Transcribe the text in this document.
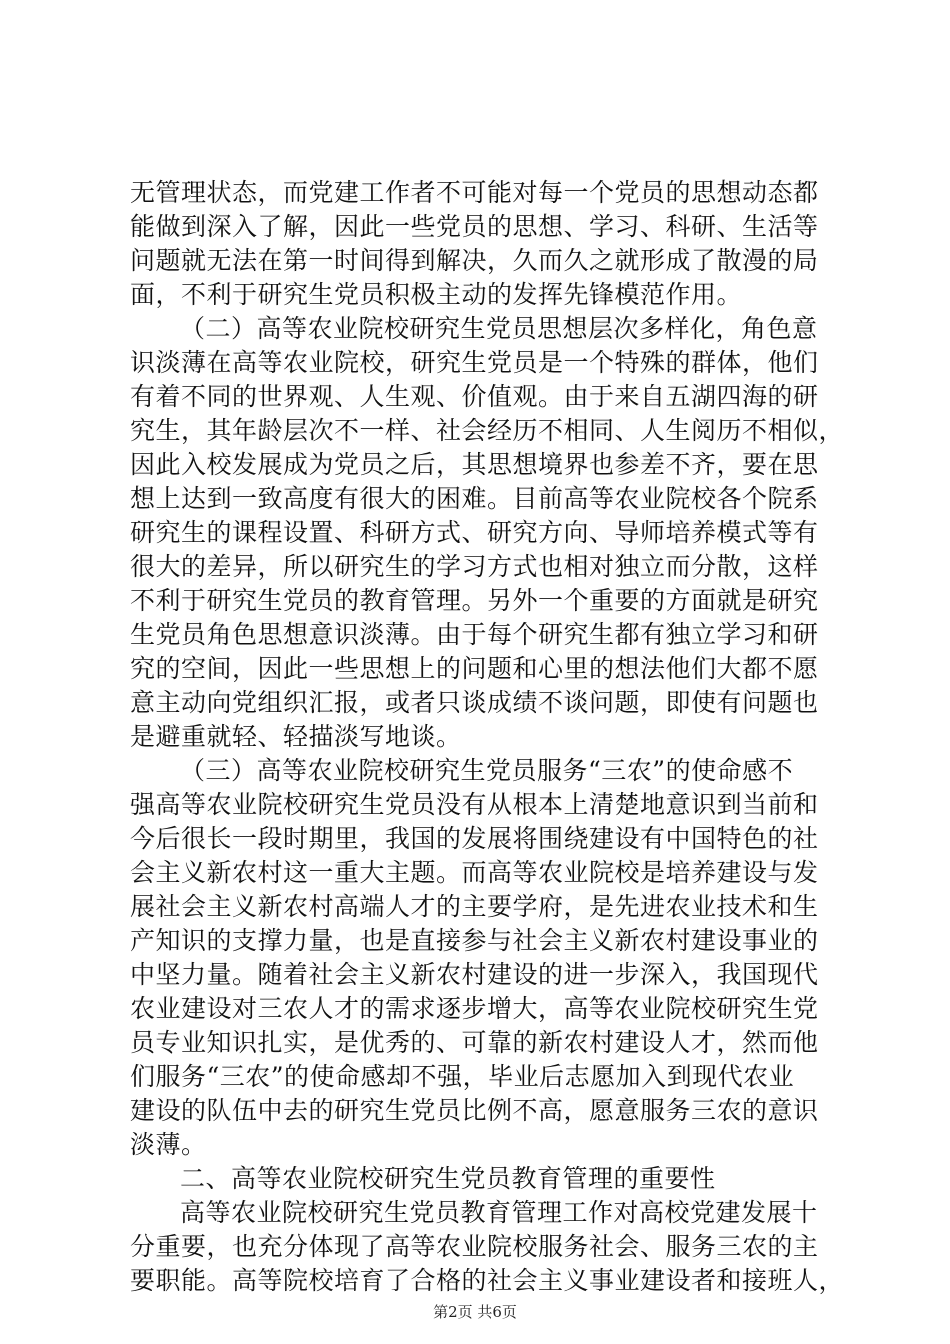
无管理状态，而党建工作者不可能对每一个党员的思想动态都
能做到深入了解，因此一些党员的思想、学习、科研、生活等
问题就无法在第一时间得到解决，久而久之就形成了散漫的局
面，不利于研究生党员积极主动的发挥先锋模范作用。
（二）高等农业院校研究生党员思想层次多样化，角色意
识淡薄在高等农业院校，研究生党员是一个特殊的群体，他们
有着不同的世界观、人生观、价值观。由于来自五湖四海的研
究生，其年龄层次不一样、社会经历不相同、人生阅历不相似，
因此入校发展成为党员之后，其思想境界也参差不齐，要在思
想上达到一致高度有很大的困难。目前高等农业院校各个院系
研究生的课程设置、科研方式、研究方向、导师培养模式等有
很大的差异，所以研究生的学习方式也相对独立而分散，这样
不利于研究生党员的教育管理。另外一个重要的方面就是研究
生党员角色思想意识淡薄。由于每个研究生都有独立学习和研
究的空间，因此一些思想上的问题和心里的想法他们大都不愿
意主动向党组织汇报，或者只谈成绩不谈问题，即使有问题也
是避重就轻、轻描淡写地谈。
（三）高等农业院校研究生党员服务“三农”的使命感不
强高等农业院校研究生党员没有从根本上清楚地意识到当前和
今后很长一段时期里，我国的发展将围绕建设有中国特色的社
会主义新农村这一重大主题。而高等农业院校是培养建设与发
展社会主义新农村高端人才的主要学府，是先进农业技术和生
产知识的支撑力量，也是直接参与社会主义新农村建设事业的
中坚力量。随着社会主义新农村建设的进一步深入，我国现代
农业建设对三农人才的需求逐步增大，高等农业院校研究生党
员专业知识扎实，是优秀的、可靠的新农村建设人才，然而他
们服务“三农”的使命感却不强，毕业后志愿加入到现代农业
建设的队伍中去的研究生党员比例不高，愿意服务三农的意识
淡薄。
二、高等农业院校研究生党员教育管理的重要性
高等农业院校研究生党员教育管理工作对高校党建发展十
分重要，也充分体现了高等农业院校服务社会、服务三农的主
要职能。高等院校培育了合格的社会主义事业建设者和接班人，
第2页 共6页
